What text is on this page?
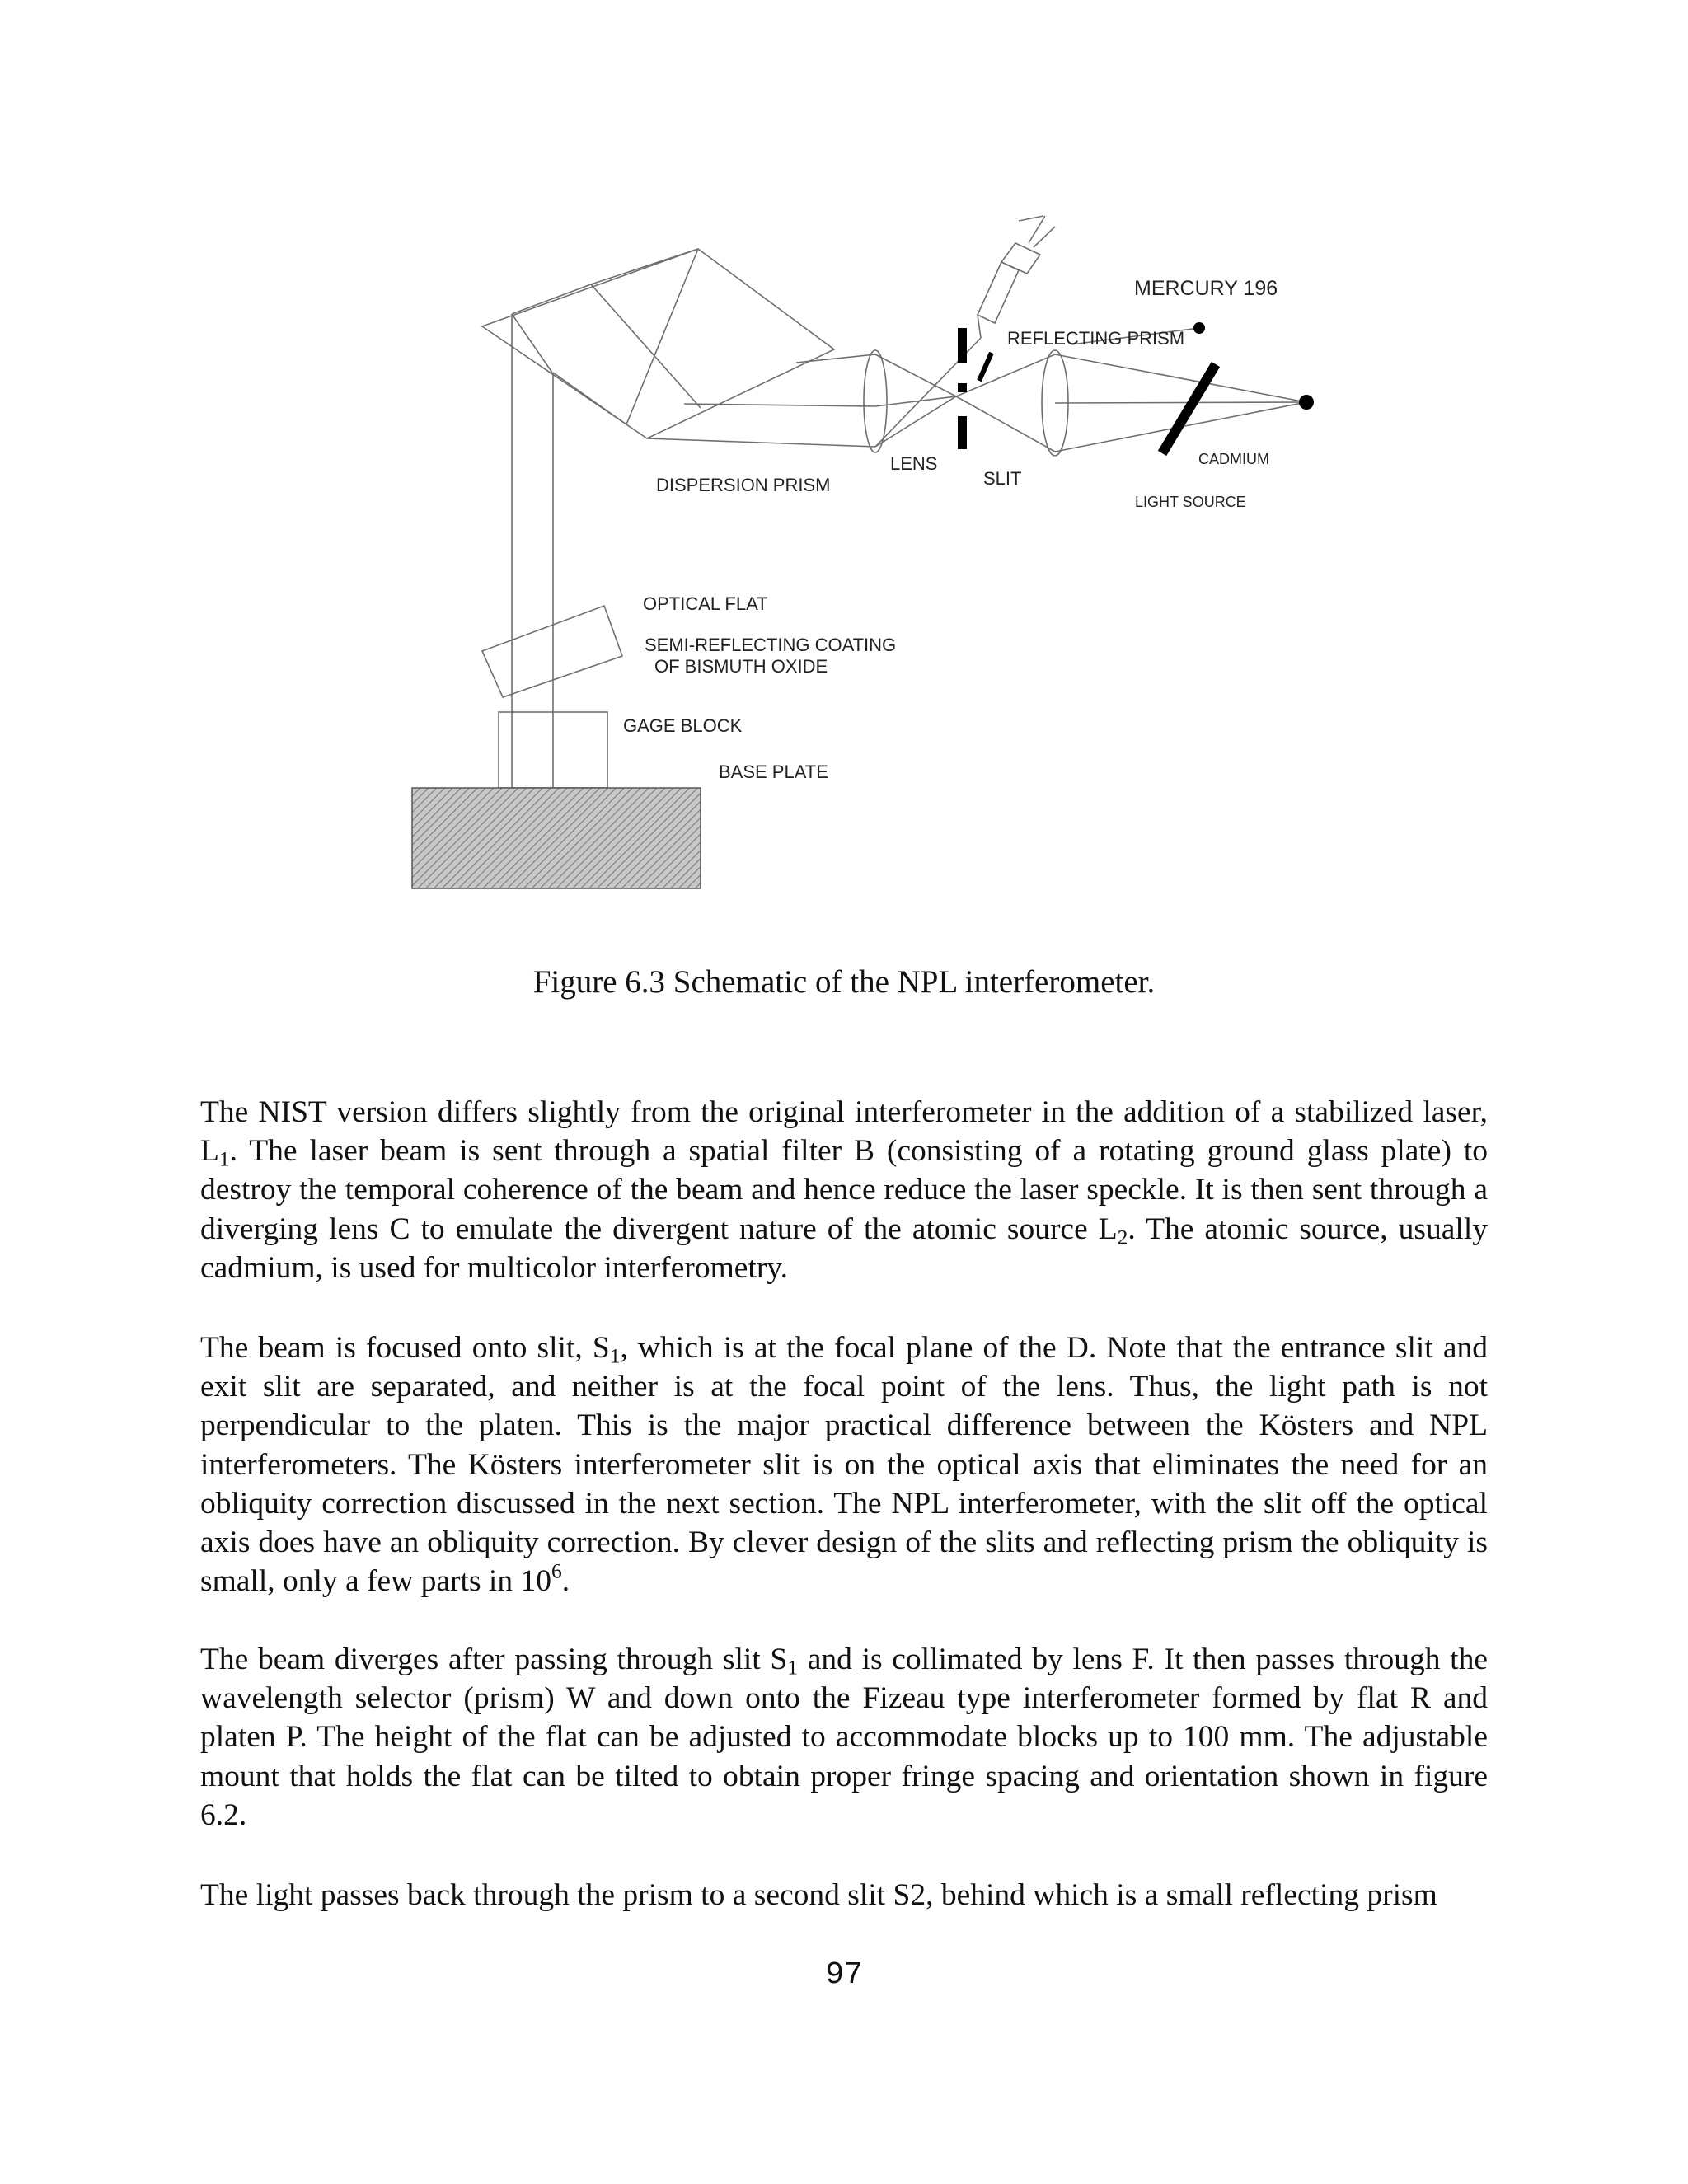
MERCURY 196
REFLECTING PRISM
LENS
SLIT
CADMIUM
LIGHT SOURCE
DISPERSION PRISM
OPTICAL FLAT
SEMI-REFLECTING COATING
OF BISMUTH OXIDE
GAGE BLOCK
BASE PLATE
Figure 6.3 Schematic of the NPL interferometer.

The NIST version differs slightly from the original interferometer in the addition of a stabilized laser, $L_1$. The laser beam is sent through a spatial filter B (consisting of a rotating ground glass plate) to destroy the temporal coherence of the beam and hence reduce the laser speckle. It is then sent through a diverging lens C to emulate the divergent nature of the atomic source $L_2$. The atomic source, usually cadmium, is used for multicolor interferometry.

The beam is focused onto slit, $S_1$, which is at the focal plane of the D. Note that the entrance slit and exit slit are separated, and neither is at the focal point of the lens. Thus, the light path is not perpendicular to the platen. This is the major practical difference between the Kösters and NPL interferometers. The Kösters interferometer slit is on the optical axis that eliminates the need for an obliquity correction discussed in the next section. The NPL interferometer, with the slit off the optical axis does have an obliquity correction. By clever design of the slits and reflecting prism the obliquity is small, only a few parts in $10^6$.

The beam diverges after passing through slit $S_1$ and is collimated by lens F. It then passes through the wavelength selector (prism) W and down onto the Fizeau type interferometer formed by flat R and platen P. The height of the flat can be adjusted to accommodate blocks up to 100 mm. The adjustable mount that holds the flat can be tilted to obtain proper fringe spacing and orientation shown in figure 6.2.

The light passes back through the prism to a second slit S2, behind which is a small reflecting prism

97
